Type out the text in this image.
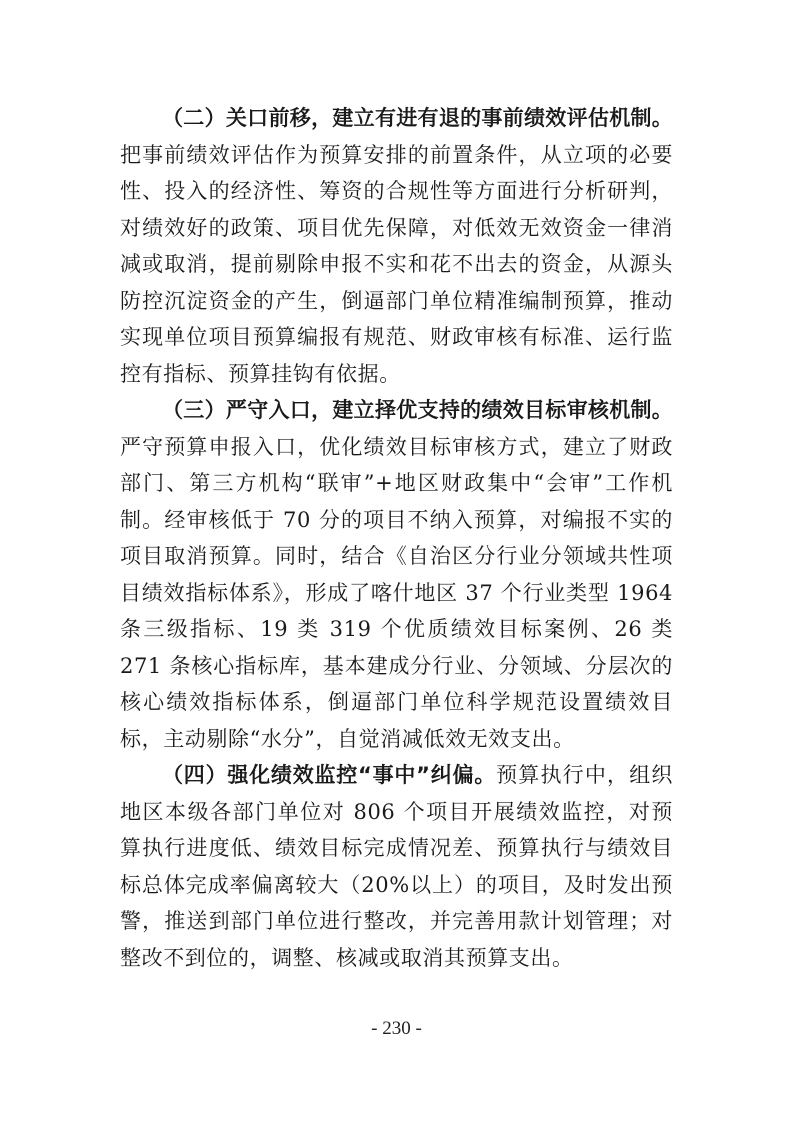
（二）关口前移，建立有进有退的事前绩效评估机制。把事前绩效评估作为预算安排的前置条件，从立项的必要性、投入的经济性、筹资的合规性等方面进行分析研判，对绩效好的政策、项目优先保障，对低效无效资金一律消减或取消，提前剔除申报不实和花不出去的资金，从源头防控沉淀资金的产生，倒逼部门单位精准编制预算，推动实现单位项目预算编报有规范、财政审核有标准、运行监控有指标、预算挂钩有依据。

（三）严守入口，建立择优支持的绩效目标审核机制。严守预算申报入口，优化绩效目标审核方式，建立了财政部门、第三方机构“联审”+地区财政集中“会审”工作机制。经审核低于 70 分的项目不纳入预算，对编报不实的项目取消预算。同时，结合《自治区分行业分领域共性项目绩效指标体系》，形成了喀什地区 37 个行业类型 1964 条三级指标、19 类 319 个优质绩效目标案例、26 类 271 条核心指标库，基本建成分行业、分领域、分层次的核心绩效指标体系，倒逼部门单位科学规范设置绩效目标，主动剔除“水分”，自觉消减低效无效支出。

（四）强化绩效监控“事中”纠偏。预算执行中，组织地区本级各部门单位对 806 个项目开展绩效监控，对预算执行进度低、绩效目标完成情况差、预算执行与绩效目标总体完成率偏离较大（20%以上）的项目，及时发出预警，推送到部门单位进行整改，并完善用款计划管理；对整改不到位的，调整、核减或取消其预算支出。

- 230 -
